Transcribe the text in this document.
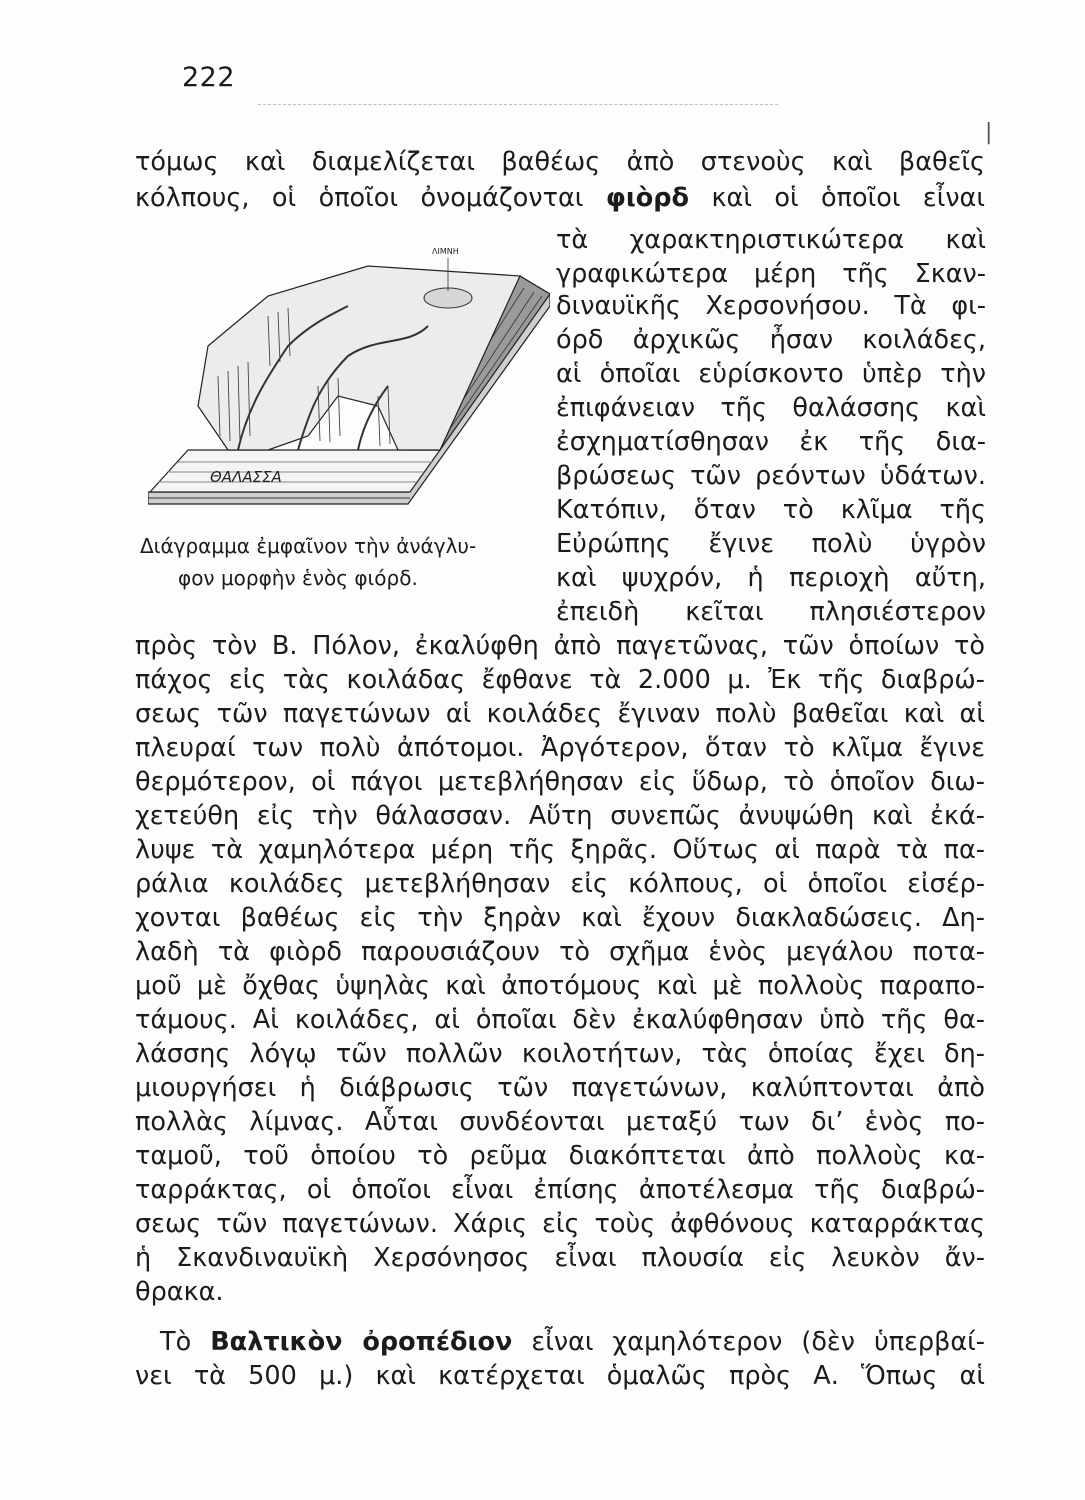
222
|
τόμως καὶ διαμελίζεται βαθέως ἀπὸ στενοὺς καὶ βαθεῖς
κόλπους, οἱ ὁποῖοι ὀνομάζονται φιὸρδ καὶ οἱ ὁποῖοι εἶναι
ΘΑΛΑΣΣΑ
ΛΙΜΝΗ	τὰ χαρακτηριστικώτερα καὶ
γραφικώτερα μέρη τῆς Σκαν-
διναυϊκῆς Χερσονήσου. Τὰ φι-
όρδ ἀρχικῶς ἦσαν κοιλάδες,
αἱ ὁποῖαι εὑρίσκοντο ὑπὲρ τὴν
ἐπιφάνειαν τῆς θαλάσσης καὶ
ἐσχηματίσθησαν ἐκ τῆς δια-
βρώσεως τῶν ρεόντων ὑδάτων.
Κατόπιν, ὅταν τὸ κλῖμα τῆς
Εὐρώπης ἔγινε πολὺ ὑγρὸν
καὶ ψυχρόν, ἡ περιοχὴ αὔτη,
ἐπειδὴ κεῖται πλησιέστερον
Διάγραμμα ἐμφαῖνον τὴν ἀνάγλυ-
φον μορφὴν ἑνὸς φιόρδ.
πρὸς τὸν Β. Πόλον, ἐκαλύφθη ἀπὸ παγετῶνας, τῶν ὁποίων τὸ
πάχος εἰς τὰς κοιλάδας ἔφθανε τὰ 2.000 μ. Ἐκ τῆς διαβρώ-
σεως τῶν παγετώνων αἱ κοιλάδες ἔγιναν πολὺ βαθεῖαι καὶ αἱ
πλευραί των πολὺ ἀπότομοι. Ἀργότερον, ὅταν τὸ κλῖμα ἔγινε
θερμότερον, οἱ πάγοι μετεβλήθησαν εἰς ὕδωρ, τὸ ὁποῖον διω-
χετεύθη εἰς τὴν θάλασσαν. Αὕτη συνεπῶς ἀνυψώθη καὶ ἐκά-
λυψε τὰ χαμηλότερα μέρη τῆς ξηρᾶς. Οὕτως αἱ παρὰ τὰ πα-
ράλια κοιλάδες μετεβλήθησαν εἰς κόλπους, οἱ ὁποῖοι εἰσέρ-
χονται βαθέως εἰς τὴν ξηρὰν καὶ ἔχουν διακλαδώσεις. Δη-
λαδὴ τὰ φιὸρδ παρουσιάζουν τὸ σχῆμα ἑνὸς μεγάλου ποτα-
μοῦ μὲ ὄχθας ὑψηλὰς καὶ ἀποτόμους καὶ μὲ πολλοὺς παραπο-
τάμους. Αἱ κοιλάδες, αἱ ὁποῖαι δὲν ἐκαλύφθησαν ὑπὸ τῆς θα-
λάσσης λόγῳ τῶν πολλῶν κοιλοτήτων, τὰς ὁποίας ἔχει δη-
μιουργήσει ἡ διάβρωσις τῶν παγετώνων, καλύπτονται ἀπὸ
πολλὰς λίμνας. Αὗται συνδέονται μεταξύ των δι’ ἑνὸς πο-
ταμοῦ, τοῦ ὁποίου τὸ ρεῦμα διακόπτεται ἀπὸ πολλοὺς κα-
ταρράκτας, οἱ ὁποῖοι εἶναι ἐπίσης ἀποτέλεσμα τῆς διαβρώ-
σεως τῶν παγετώνων. Χάρις εἰς τοὺς ἀφθόνους καταρράκτας
ἡ Σκανδιναυϊκὴ Χερσόνησος εἶναι πλουσία εἰς λευκὸν ἄν-
θρακα.
Τὸ Βαλτικὸν ὀροπέδιον εἶναι χαμηλότερον (δὲν ὑπερβαί-
νει τὰ 500 μ.) καὶ κατέρχεται ὁμαλῶς πρὸς Α. Ὅπως αἱ
